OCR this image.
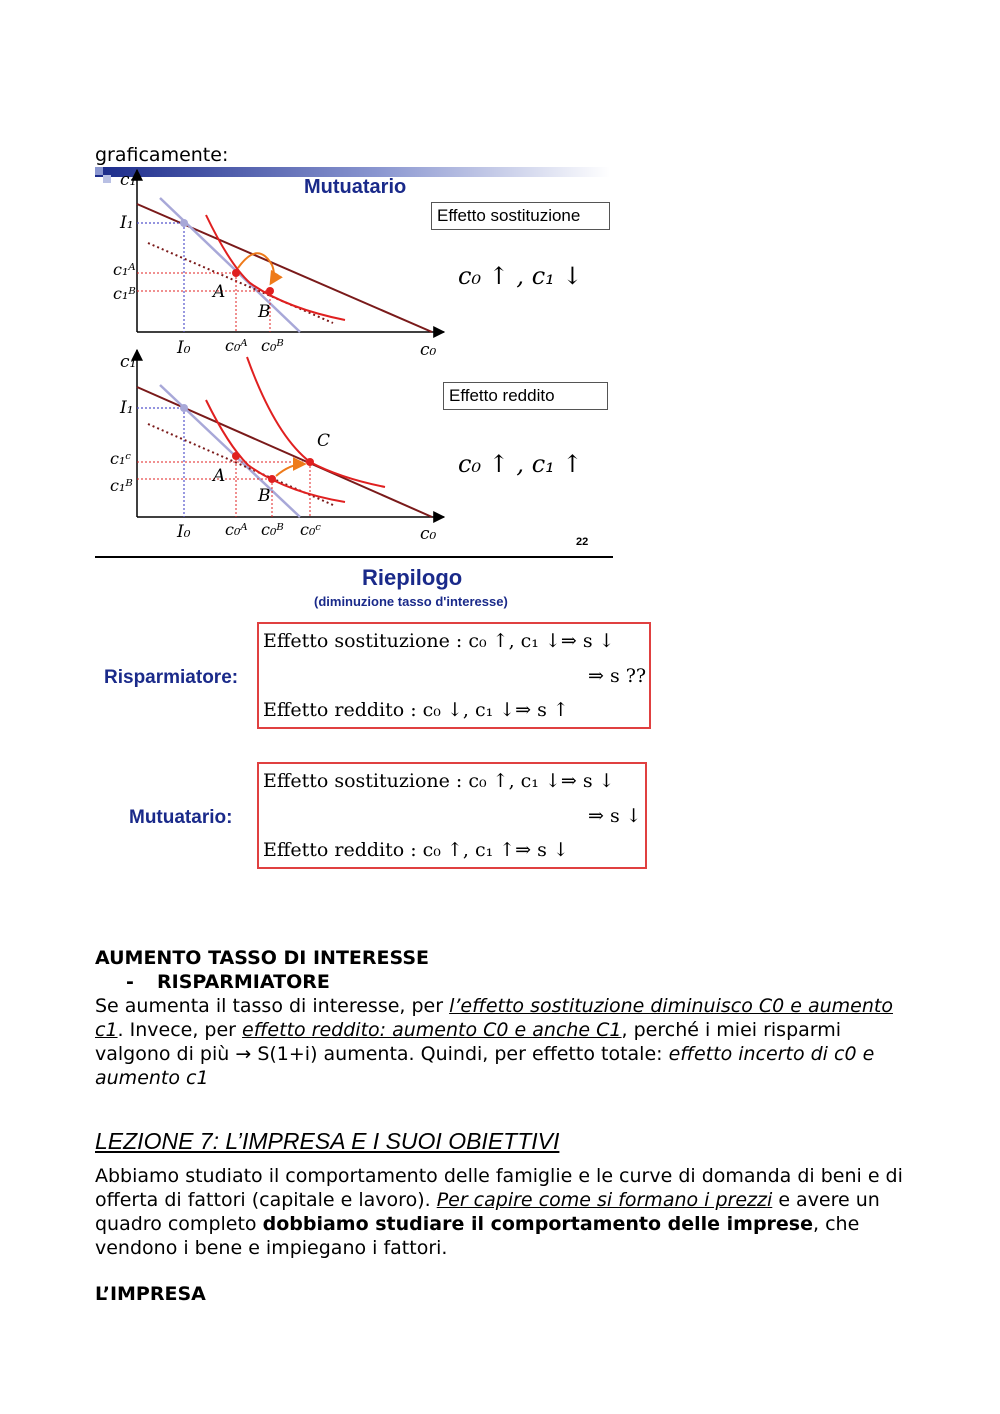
graficamente:
Mutuatario
Effetto sostituzione
Effetto reddito
c₀ ↑ , c₁ ↓
c₀ ↑ , c₁ ↑
22
c₁
I₁
c₁ᴬ
c₁ᴮ	A
B
I₀ c₀ᴬ c₀ᴮ	c₀
c₁
I₁
c₁ᶜ
c₁ᴮ	A
B
C
I₀ c₀ᴬ c₀ᴮ c₀ᶜ	c₀
Riepilogo
(diminuzione tasso d'interesse)
Risparmiatore:
Effetto sostituzione : c₀ ↑, c₁ ↓⇒ s ↓
⇒ s ??
Effetto reddito : c₀ ↓, c₁ ↓⇒ s ↑
Mutuatario:
Effetto sostituzione : c₀ ↑, c₁ ↓⇒ s ↓
⇒ s ↓
Effetto reddito : c₀ ↑, c₁ ↑⇒ s ↓
AUMENTO TASSO DI INTERESSE
- RISPARMIATORE
Se aumenta il tasso di interesse, per l’effetto sostituzione diminuisco C0 e aumento c1. Invece, per effetto reddito: aumento C0 e anche C1, perché i miei risparmi valgono di più → S(1+i) aumenta. Quindi, per effetto totale: effetto incerto di c0 e aumento c1
LEZIONE 7: L’IMPRESA E I SUOI OBIETTIVI
Abbiamo studiato il comportamento delle famiglie e le curve di domanda di beni e di offerta di fattori (capitale e lavoro). Per capire come si formano i prezzi e avere un quadro completo dobbiamo studiare il comportamento delle imprese, che vendono i bene e impiegano i fattori.
L’IMPRESA
